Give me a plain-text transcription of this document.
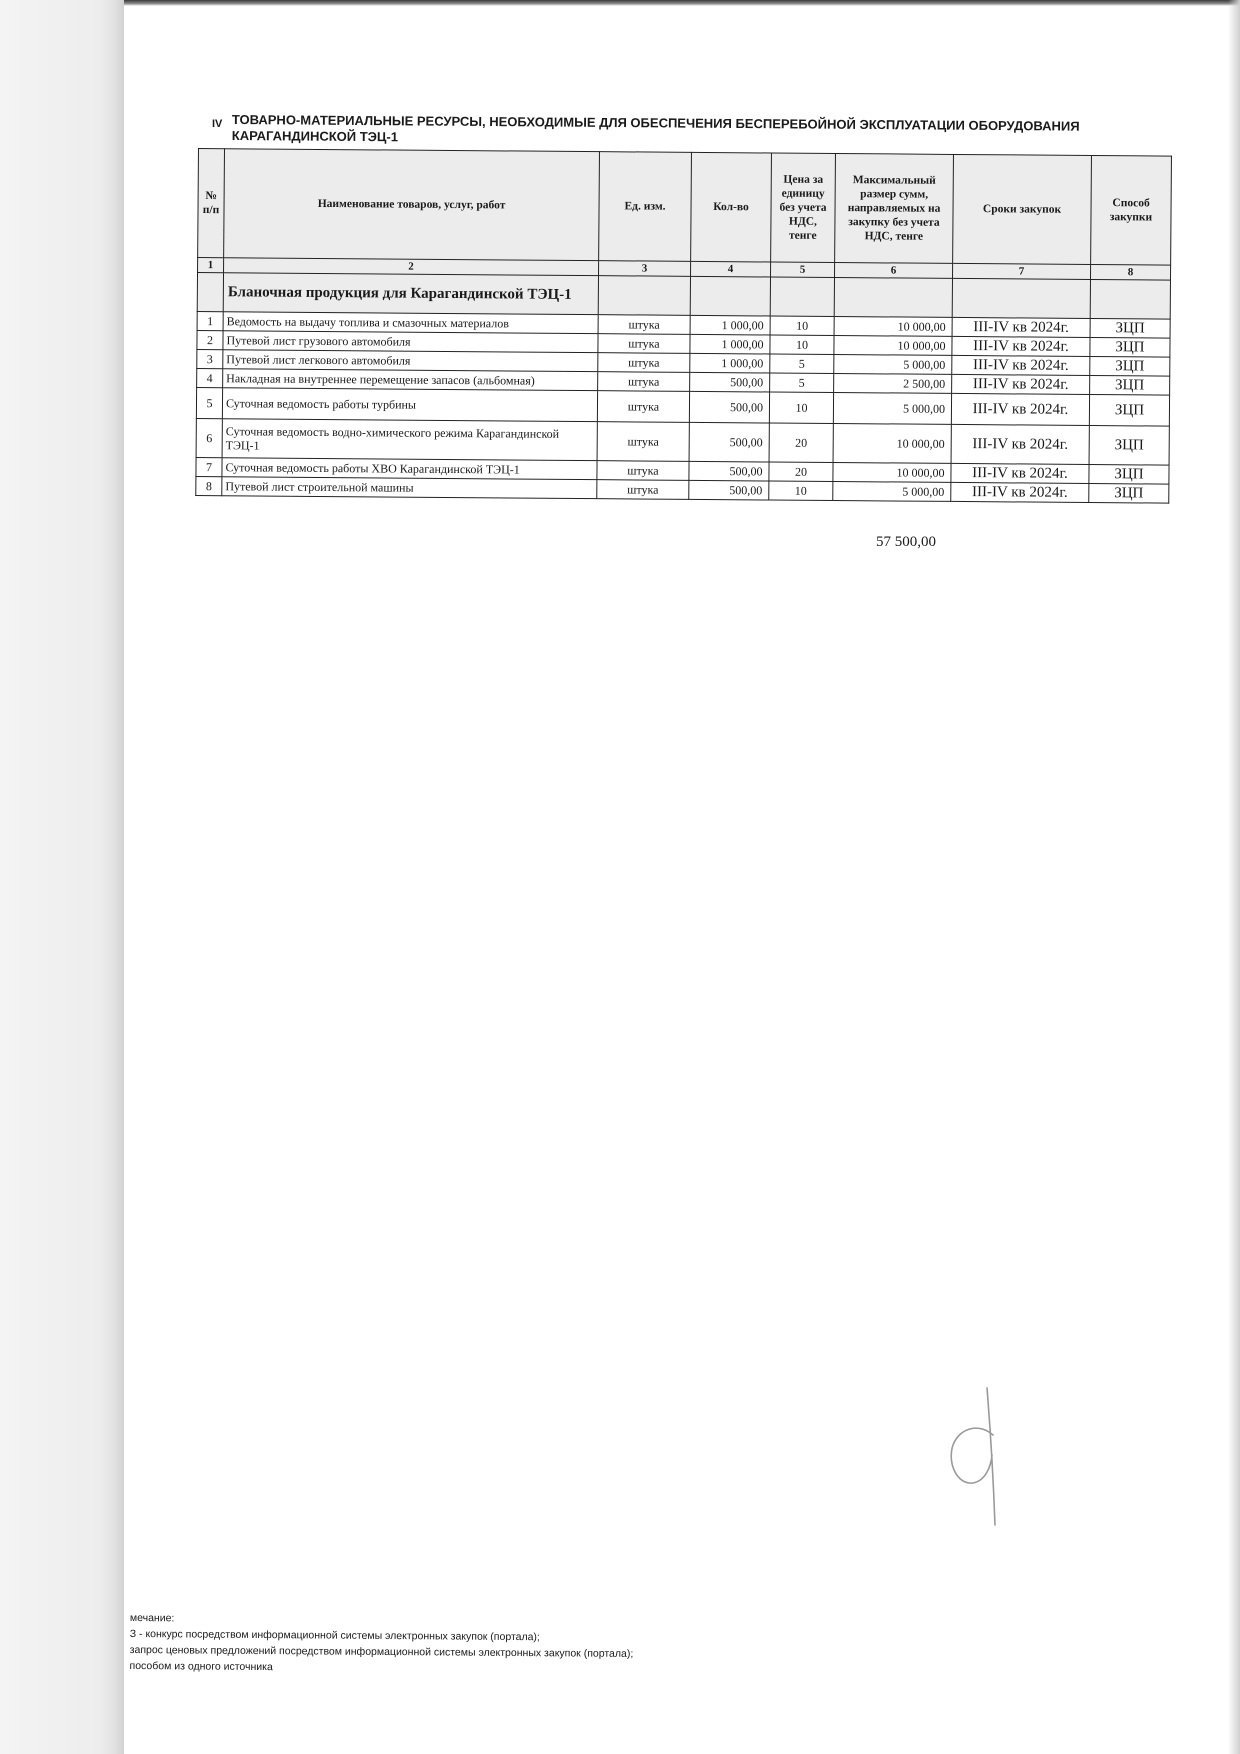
IV ТОВАРНО-МАТЕРИАЛЬНЫЕ РЕСУРСЫ, НЕОБХОДИМЫЕ ДЛЯ ОБЕСПЕЧЕНИЯ БЕСПЕРЕБОЙНОЙ ЭКСПЛУАТАЦИИ ОБОРУДОВАНИЯ КАРАГАНДИНСКОЙ ТЭЦ-1
№ п/п	Наименование товаров, услуг, работ	Ед. изм.	Кол-во	Цена за единицу без учета НДС, тенге	Максимальный размер сумм, направляемых на закупку без учета НДС, тенге	Сроки закупок	Способ закупки
1	2	3	4	5	6	7	8
	Бланочная продукция для Карагандинской ТЭЦ-1						
1	Ведомость на выдачу топлива и смазочных материалов	штука	1 000,00	10	10 000,00	III-IV кв 2024г.	ЗЦП
2	Путевой лист грузового автомобиля	штука	1 000,00	10	10 000,00	III-IV кв 2024г.	ЗЦП
3	Путевой лист легкового автомобиля	штука	1 000,00	5	5 000,00	III-IV кв 2024г.	ЗЦП
4	Накладная на внутреннее перемещение запасов (альбомная)	штука	500,00	5	2 500,00	III-IV кв 2024г.	ЗЦП
5	Суточная ведомость работы турбины	штука	500,00	10	5 000,00	III-IV кв 2024г.	ЗЦП
6	Суточная ведомость водно-химического режима Карагандинской ТЭЦ-1	штука	500,00	20	10 000,00	III-IV кв 2024г.	ЗЦП
7	Суточная ведомость работы ХВО Карагандинской ТЭЦ-1	штука	500,00	20	10 000,00	III-IV кв 2024г.	ЗЦП
8	Путевой лист строительной машины	штука	500,00	10	5 000,00	III-IV кв 2024г.	ЗЦП
57 500,00
мечание:
З - конкурс посредством информационной системы электронных закупок (портала);
запрос ценовых предложений посредством информационной системы электронных закупок (портала);
пособом из одного источника
